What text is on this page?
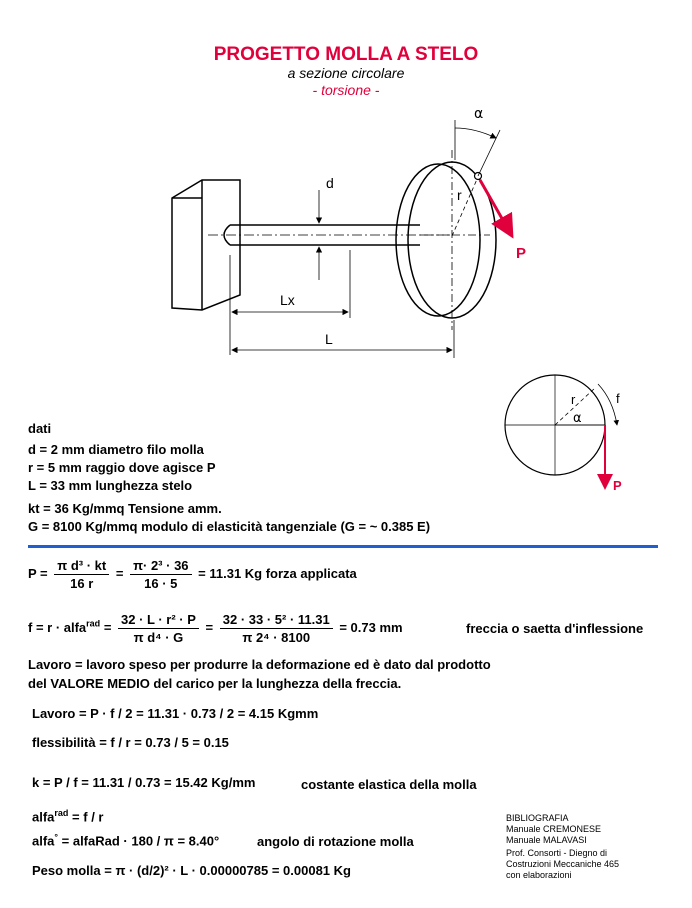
PROGETTO MOLLA A STELO
a sezione circolare
- torsione -
α
d
r
P
Lx
L
r
α
f
P
dati
d = 2 mm diametro filo molla
r = 5 mm raggio dove agisce P
L = 33 mm lunghezza stelo
kt = 36 Kg/mmq Tensione amm.
G = 8100 Kg/mmq modulo di elasticità tangenziale (G = ~ 0.385 E)
$P = \frac{\text{π d³ · kt}}{16 r} = \frac{\text{π· 2³ · 36}}{16 \cdot 5} = 11.31$ Kg forza applicata
f = r · alfa$^{rad}$ = $\frac{\text{32 · L · r² · P}}{\text{π d⁴ · G}} = \frac{\text{32 · 33 · 5² · 11.31}}{\text{π 2⁴ · 8100}} = 0.73$ mm	freccia o saetta d'inflessione
Lavoro = lavoro speso per produrre la deformazione ed è dato dal prodotto
del VALORE MEDIO del carico per la lunghezza della freccia.
Lavoro = P · f / 2 = 11.31 · 0.73 / 2 = 4.15 Kgmm
flessibilità = f / r = 0.73 / 5 = 0.15
k = P / f = 11.31 / 0.73 = 15.42 Kg/mm	costante elastica della molla
alfa$^{rad}$ = f / r
alfa° = alfaRad · 180 / π = 8.40°	angolo di rotazione molla
Peso molla = π · (d/2)² · L · 0.00000785 = 0.00081 Kg
BIBLIOGRAFIA
Manuale CREMONESE
Manuale MALAVASI
Prof. Consorti - Diegno di
Costruzioni Meccaniche 465
con elaborazioni
